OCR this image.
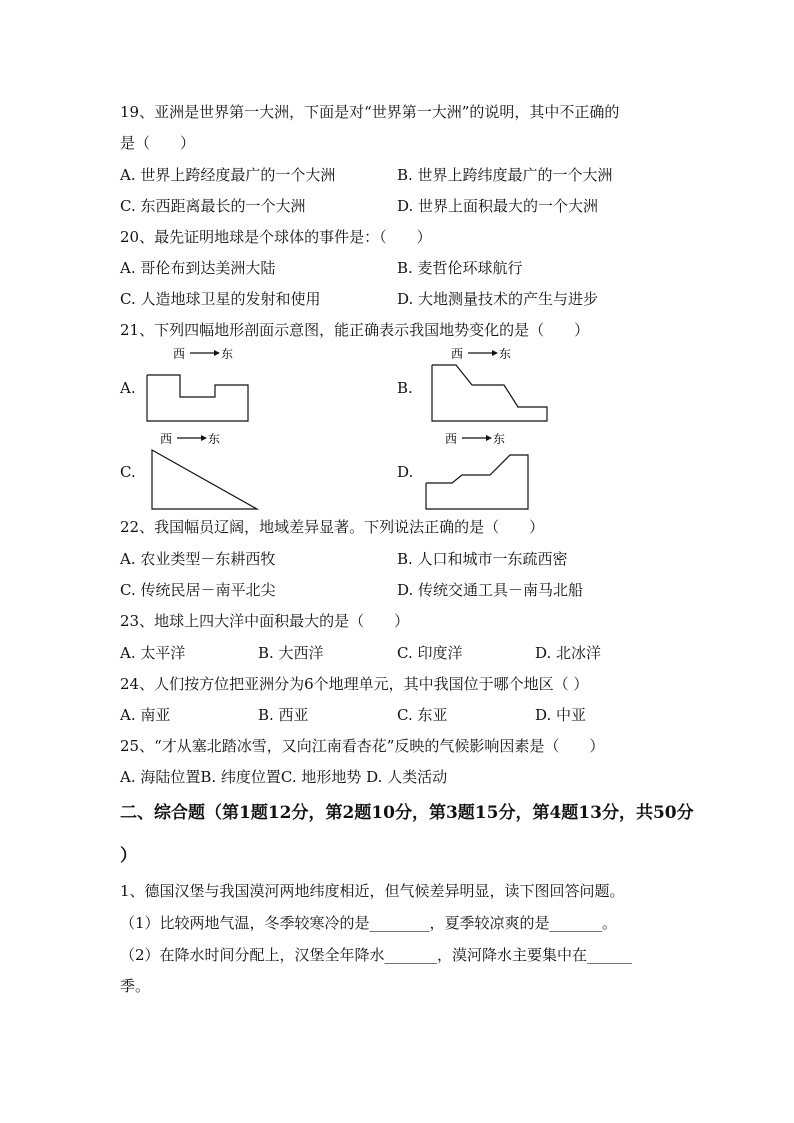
19、亚洲是世界第一大洲，下面是对“世界第一大洲”的说明，其中不正确的
是（　　）
A. 世界上跨经度最广的一个大洲	B. 世界上跨纬度最广的一个大洲
C. 东西距离最长的一个大洲	D. 世界上面积最大的一个大洲
20、最先证明地球是个球体的事件是：（　　）
A. 哥伦布到达美洲大陆	B. 麦哲伦环球航行
C. 人造地球卫星的发射和使用	D. 大地测量技术的产生与进步
21、下列四幅地形剖面示意图，能正确表示我国地势变化的是（　　）
A.
西	东
B.
西	东
C.
西	东
D.
西	东
22、我国幅员辽阔，地域差异显著。下列说法正确的是（　　）
A. 农业类型－东耕西牧	B. 人口和城市一东疏西密
C. 传统民居－南平北尖	D. 传统交通工具－南马北船
23、地球上四大洋中面积最大的是（　　）
A. 太平洋	B. 大西洋	C. 印度洋	D. 北冰洋
24、人们按方位把亚洲分为6个地理单元，其中我国位于哪个地区（ ）
A. 南亚	B. 西亚	C. 东亚	D. 中亚
25、“才从塞北踏冰雪，又向江南看杏花”反映的气候影响因素是（　　）
A. 海陆位置B. 纬度位置C. 地形地势 D. 人类活动
二、综合题（第1题12分，第2题10分，第3题15分，第4题13分，共50分
）
1、德国汉堡与我国漠河两地纬度相近，但气候差异明显，读下图回答问题。
（1）比较两地气温，冬季较寒冷的是________，夏季较凉爽的是_______。
（2）在降水时间分配上，汉堡全年降水_______，漠河降水主要集中在______
季。
